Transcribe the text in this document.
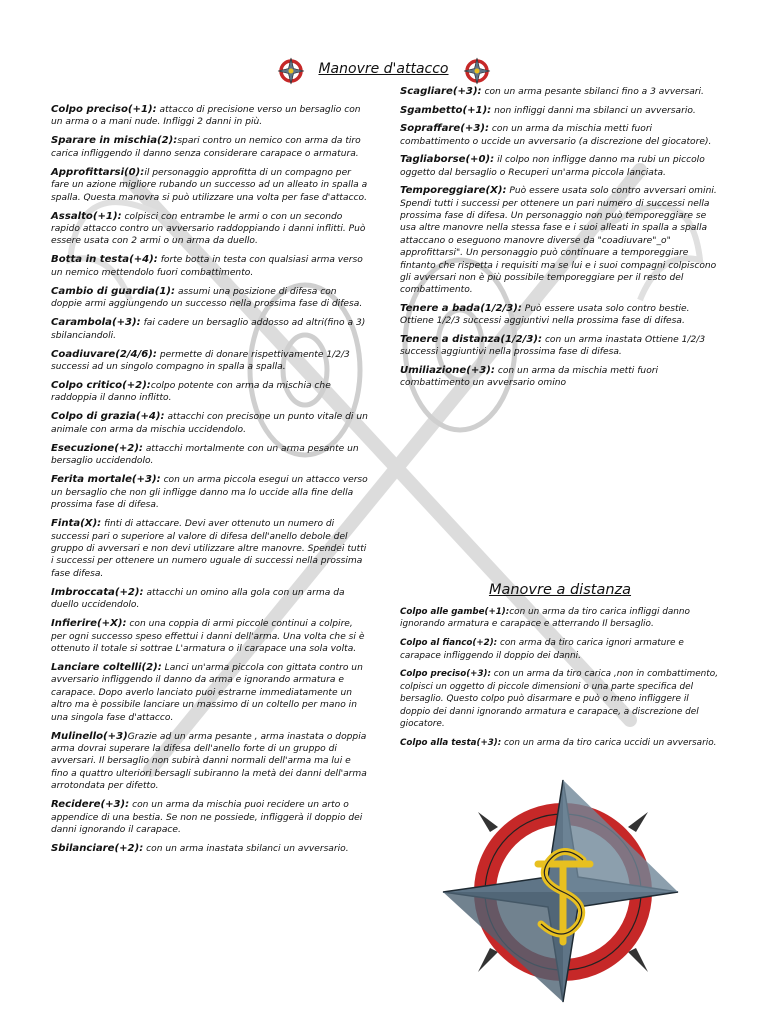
Manovre d'attacco
Colpo preciso(+1): attacco di precisione verso un bersaglio con un arma o a mani nude. Infliggi 2 danni in più.
Sparare in mischia(2):spari contro un nemico con arma da tiro carica infliggendo il danno senza considerare carapace o armatura.
Approfittarsi(0):il personaggio approfitta di un compagno per fare un azione migliore rubando un successo ad un alleato in spalla a spalla. Questa manovra si può utilizzare una volta per fase d'attacco.
Assalto(+1): colpisci con entrambe le armi o con un secondo rapido attacco contro un avversario raddoppiando i danni inflitti. Può essere usata con 2 armi o un arma da duello.
Botta in testa(+4): forte botta in testa con qualsiasi arma verso un nemico mettendolo fuori combattimento.
Cambio di guardia(1): assumi una posizione di difesa con doppie armi aggiungendo un successo nella prossima fase di difesa.
Carambola(+3): fai cadere un bersaglio addosso ad altri(fino a 3) sbilanciandoli.
Coadiuvare(2/4/6): permette di donare rispettivamente 1/2/3 successi ad un singolo compagno in spalla a spalla.
Colpo critico(+2):colpo potente con arma da mischia che raddoppia il danno inflitto.
Colpo di grazia(+4): attacchi con precisone un punto vitale di un animale con arma da mischia uccidendolo.
Esecuzione(+2): attacchi mortalmente con un arma pesante un bersaglio uccidendolo.
Ferita mortale(+3): con un arma piccola esegui un attacco verso un bersaglio che non gli infligge danno ma lo uccide alla fine della prossima fase di difesa.
Finta(X): finti di attaccare. Devi aver ottenuto un numero di successi pari o superiore al valore di difesa dell'anello debole del gruppo di avversari e non devi utilizzare altre manovre. Spendei tutti i successi per ottenere un numero uguale di successi nella prossima fase difesa.
Imbroccata(+2): attacchi un omino alla gola con un arma da duello uccidendolo.
Infierire(+X): con una coppia di armi piccole continui a colpire, per ogni successo speso effettui i danni dell'arma. Una volta che si è ottenuto il totale si sottrae L'armatura o il carapace una sola volta.
Lanciare coltelli(2): Lanci un'arma piccola con gittata contro un avversario infliggendo il danno da arma e ignorando armatura e carapace. Dopo averlo lanciato puoi estrarne immediatamente un altro ma è possibile lanciare un massimo di un coltello per mano in una singola fase d'attacco.
Mulinello(+3)Grazie ad un arma pesante , arma inastata o doppia arma dovrai superare la difesa dell'anello forte di un gruppo di avversari. Il bersaglio non subirà danni normali dell'arma ma lui e fino a quattro ulteriori bersagli subiranno la metà dei danni dell'arma arrotondata per difetto.
Recidere(+3): con un arma da mischia puoi recidere un arto o appendice di una bestia. Se non ne possiede, infliggerà il doppio dei danni ignorando il carapace.
Sbilanciare(+2): con un arma inastata sbilanci un avversario.
Scagliare(+3): con un arma pesante sbilanci fino a 3 avversari.
Sgambetto(+1): non infliggi danni ma sbilanci un avversario.
Sopraffare(+3): con un arma da mischia metti fuori combattimento o uccide un avversario (a discrezione del giocatore).
Tagliaborse(+0): il colpo non infligge danno ma rubi un piccolo oggetto dal bersaglio o Recuperi un'arma piccola lanciata.
Temporeggiare(X): Può essere usata solo contro avversari omini. Spendi tutti i successi per ottenere un pari numero di successi nella prossima fase di difesa. Un personaggio non può temporeggiare se usa altre manovre nella stessa fase e i suoi alleati in spalla a spalla attaccano o eseguono manovre diverse da "coadiuvare"_o" approfittarsi". Un personaggio può continuare a temporeggiare fintanto che rispetta i requisiti ma se lui e i suoi compagni colpiscono gli avversari non è più possibile temporeggiare per il resto del combattimento.
Tenere a bada(1/2/3): Può essere usata solo contro bestie. Ottiene 1/2/3 successi aggiuntivi nella prossima fase di difesa.
Tenere a distanza(1/2/3): con un arma inastata Ottiene 1/2/3 successi aggiuntivi nella prossima fase di difesa.
Umiliazione(+3): con un arma da mischia metti fuori combattimento un avversario omino
Manovre a distanza
Colpo alle gambe(+1):con un arma da tiro carica infliggi danno ignorando armatura e carapace e atterrando Il bersaglio.
Colpo al fianco(+2): con arma da tiro carica ignori armature e carapace infliggendo il doppio dei danni.
Colpo preciso(+3): con un arma da tiro carica ,non in combattimento, colpisci un oggetto di piccole dimensioni o una parte specifica del bersaglio. Questo colpo può disarmare e può o meno infliggere il doppio dei danni ignorando armatura e carapace, a discrezione del giocatore.
Colpo alla testa(+3): con un arma da tiro carica uccidi un avversario.
